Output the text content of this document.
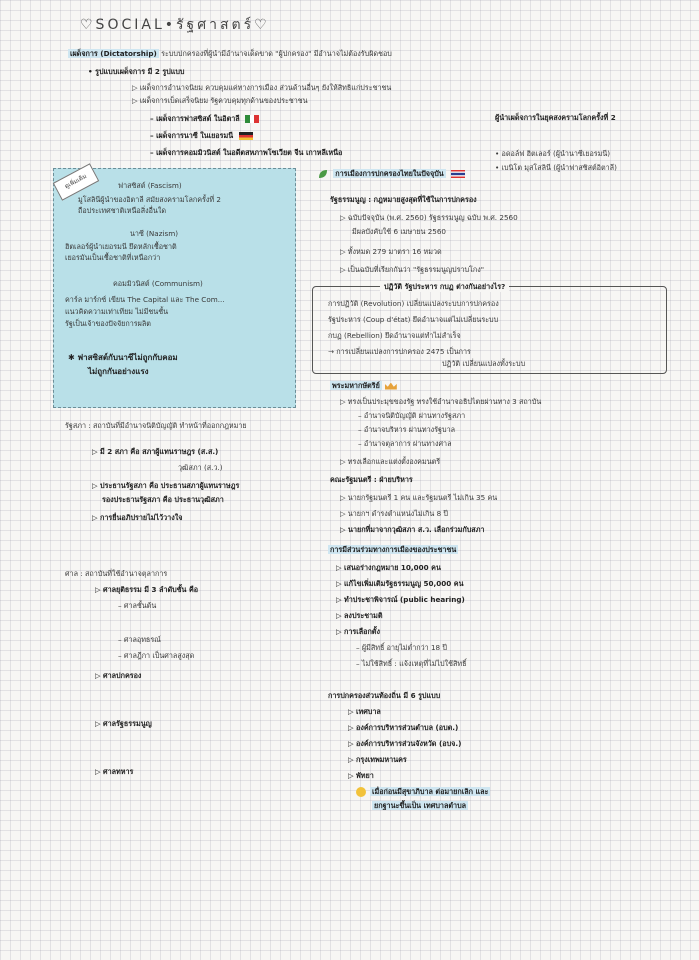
♡SOCIAL•รัฐศาสตร์♡
เผด็จการ (Dictatorship) ระบบปกครองที่ผู้นำมีอำนาจเด็ดขาด "ผู้ปกครอง" มีอำนาจไม่ต้องรับผิดชอบ
• รูปแบบเผด็จการ มี 2 รูปแบบ
▷ เผด็จการอำนาจนิยม ควบคุมแค่ทางการเมือง ส่วนด้านอื่นๆ ยังให้สิทธิแก่ประชาชน
▷ เผด็จการเบ็ดเสร็จนิยม รัฐควบคุมทุกด้านของประชาชน
– เผด็จการฟาสซิสต์ ในอิตาลี
– เผด็จการนาซี ในเยอรมนี
– เผด็จการคอมมิวนิสต์ ในอดีตสหภาพโซเวียต จีน เกาหลีเหนือ
ดูเพิ่มเติม	ฟาสซิสต์ (Fascism)
มูโสลินีผู้นำของอิตาลี สมัยสงครามโลกครั้งที่ 2
ถือประเทศชาติเหนือสิ่งอื่นใด
นาซี (Nazism)
ฮิตเลอร์ผู้นำเยอรมนี ยึดหลักเชื้อชาติ
เยอรมันเป็นเชื้อชาติที่เหนือกว่า
คอมมิวนิสต์ (Communism)
คาร์ล มาร์กซ์ เขียน The Capital และ The Com...
แนวคิดความเท่าเทียม ไม่มีชนชั้น
รัฐเป็นเจ้าของปัจจัยการผลิต
✱ ฟาสซิสต์กับนาซีไม่ถูกกับคอม
ไม่ถูกกันอย่างแรง
รัฐสภา : สถาบันที่มีอำนาจนิติบัญญัติ ทำหน้าที่ออกกฎหมาย
▷ มี 2 สภา คือ สภาผู้แทนราษฎร (ส.ส.)
วุฒิสภา (ส.ว.)
▷ ประธานรัฐสภา คือ ประธานสภาผู้แทนราษฎร
รองประธานรัฐสภา คือ ประธานวุฒิสภา
▷ การยื่นอภิปรายไม่ไว้วางใจ
ศาล : สถาบันที่ใช้อำนาจตุลาการ
▷ ศาลยุติธรรม มี 3 ลำดับชั้น คือ
– ศาลชั้นต้น
– ศาลอุทธรณ์
– ศาลฎีกา เป็นศาลสูงสุด
▷ ศาลปกครอง
▷ ศาลรัฐธรรมนูญ
▷ ศาลทหาร
ผู้นำเผด็จการในยุคสงครามโลกครั้งที่ 2
• อดอล์ฟ ฮิตเลอร์ (ผู้นำนาซีเยอรมนี)
• เบนิโต มุสโสลินี (ผู้นำฟาสซิสต์อิตาลี)
การเมืองการปกครองไทยในปัจจุบัน
รัฐธรรมนูญ : กฎหมายสูงสุดที่ใช้ในการปกครอง
▷ ฉบับปัจจุบัน (พ.ศ. 2560) รัฐธรรมนูญ ฉบับ พ.ศ. 2560
มีผลบังคับใช้ 6 เมษายน 2560
▷ ทั้งหมด 279 มาตรา 16 หมวด
▷ เป็นฉบับที่เรียกกันว่า "รัฐธรรมนูญปราบโกง"
ปฏิวัติ รัฐประหาร กบฏ ต่างกันอย่างไร?
การปฏิวัติ (Revolution) เปลี่ยนแปลงระบบการปกครอง
รัฐประหาร (Coup d'état) ยึดอำนาจแต่ไม่เปลี่ยนระบบ
กบฏ (Rebellion) ยึดอำนาจแต่ทำไม่สำเร็จ
→ การเปลี่ยนแปลงการปกครอง 2475 เป็นการ
ปฏิวัติ เปลี่ยนแปลงทั้งระบบ
พระมหากษัตริย์
▷ ทรงเป็นประมุขของรัฐ ทรงใช้อำนาจอธิปไตยผ่านทาง 3 สถาบัน
– อำนาจนิติบัญญัติ ผ่านทางรัฐสภา
– อำนาจบริหาร ผ่านทางรัฐบาล
– อำนาจตุลาการ ผ่านทางศาล
▷ ทรงเลือกและแต่งตั้งองคมนตรี
คณะรัฐมนตรี : ฝ่ายบริหาร
▷ นายกรัฐมนตรี 1 คน และรัฐมนตรี ไม่เกิน 35 คน
▷ นายกฯ ดำรงตำแหน่งไม่เกิน 8 ปี
▷ นายกที่มาจากวุฒิสภา ส.ว. เลือกร่วมกับสภา
การมีส่วนร่วมทางการเมืองของประชาชน
▷ เสนอร่างกฎหมาย 10,000 คน
▷ แก้ไขเพิ่มเติมรัฐธรรมนูญ 50,000 คน
▷ ทำประชาพิจารณ์ (public hearing)
▷ ลงประชามติ
▷ การเลือกตั้ง
– ผู้มีสิทธิ์ อายุไม่ต่ำกว่า 18 ปี
– ไม่ใช้สิทธิ์ : แจ้งเหตุที่ไม่ไปใช้สิทธิ์
การปกครองส่วนท้องถิ่น มี 6 รูปแบบ
▷ เทศบาล
▷ องค์การบริหารส่วนตำบล (อบต.)
▷ องค์การบริหารส่วนจังหวัด (อบจ.)
▷ กรุงเทพมหานคร
▷ พัทยา
เมื่อก่อนมีสุขาภิบาล ต่อมายกเลิก และ
ยกฐานะขึ้นเป็น เทศบาลตำบล
